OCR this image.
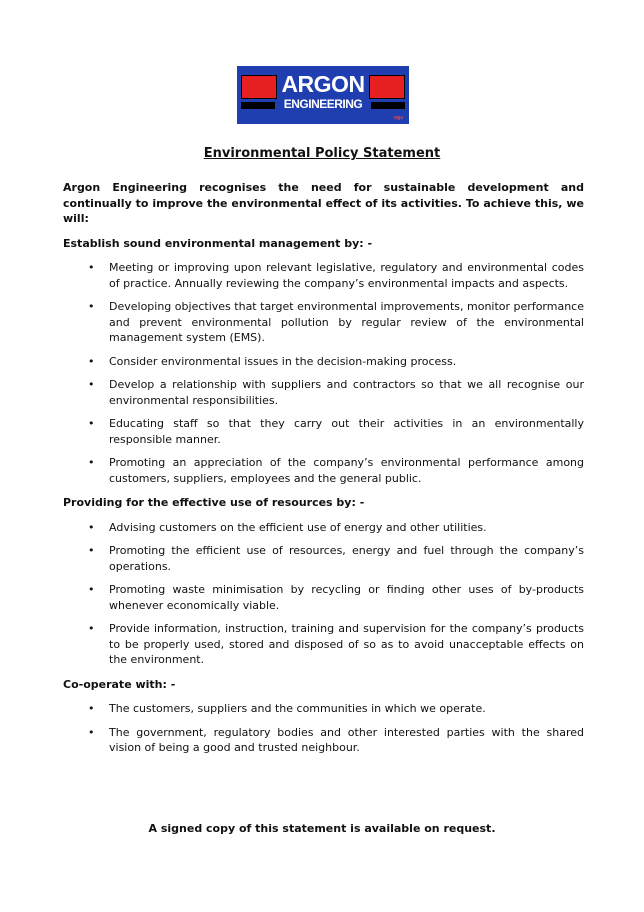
ARGON
ENGINEERING
ogs
Environmental Policy Statement

Argon Engineering recognises the need for sustainable development and continually to improve the environmental effect of its activities. To achieve this, we will:

Establish sound environmental management by: -
• Meeting or improving upon relevant legislative, regulatory and environmental codes of practice. Annually reviewing the company’s environmental impacts and aspects.
• Developing objectives that target environmental improvements, monitor performance and prevent environmental pollution by regular review of the environmental management system (EMS).
• Consider environmental issues in the decision-making process.
• Develop a relationship with suppliers and contractors so that we all recognise our environmental responsibilities.
• Educating staff so that they carry out their activities in an environmentally responsible manner.
• Promoting an appreciation of the company’s environmental performance among customers, suppliers, employees and the general public.
Providing for the effective use of resources by: -
• Advising customers on the efficient use of energy and other utilities.
• Promoting the efficient use of resources, energy and fuel through the company’s operations.
• Promoting waste minimisation by recycling or finding other uses of by-products whenever economically viable.
• Provide information, instruction, training and supervision for the company’s products to be properly used, stored and disposed of so as to avoid unacceptable effects on the environment.
Co-operate with: -
• The customers, suppliers and the communities in which we operate.
• The government, regulatory bodies and other interested parties with the shared vision of being a good and trusted neighbour.
A signed copy of this statement is available on request.
